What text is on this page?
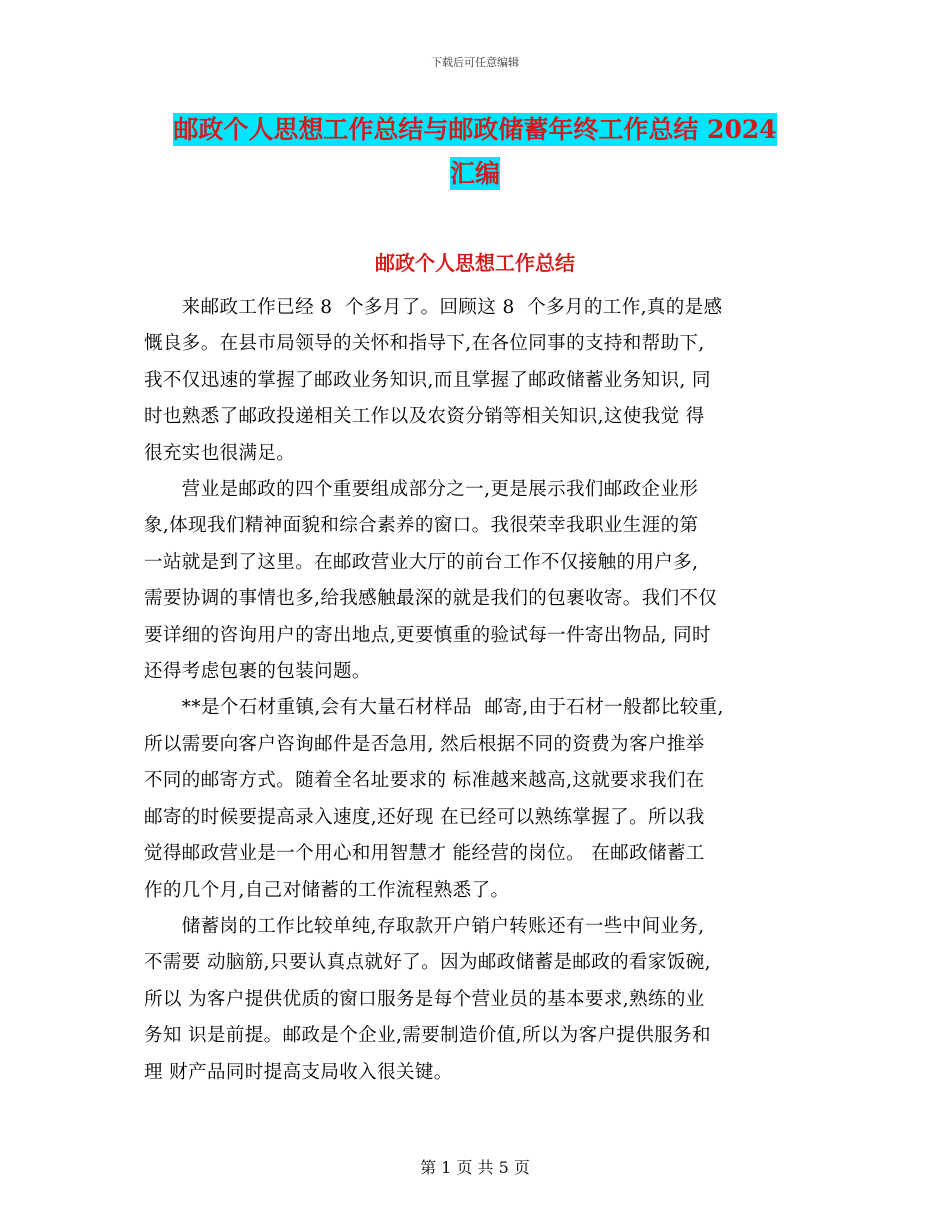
下载后可任意编辑
邮政个人思想工作总结与邮政储蓄年终工作总结 2024
汇编
邮政个人思想工作总结

来邮政工作已经 8  个多月了。回顾这 8  个多月的工作,真的是感

慨良多。在县市局领导的关怀和指导下,在各位同事的支持和帮助下,

我不仅迅速的掌握了邮政业务知识,而且掌握了邮政储蓄业务知识, 同

时也熟悉了邮政投递相关工作以及农资分销等相关知识,这使我觉 得

很充实也很满足。

营业是邮政的四个重要组成部分之一,更是展示我们邮政企业形

象,体现我们精神面貌和综合素养的窗口。我很荣幸我职业生涯的第

一站就是到了这里。在邮政营业大厅的前台工作不仅接触的用户多,

需要协调的事情也多,给我感触最深的就是我们的包裹收寄。我们不仅

要详细的咨询用户的寄出地点,更要慎重的验试每一件寄出物品, 同时

还得考虑包裹的包装问题。

**是个石材重镇,会有大量石材样品  邮寄,由于石材一般都比较重,

所以需要向客户咨询邮件是否急用, 然后根据不同的资费为客户推举

不同的邮寄方式。随着全名址要求的 标准越来越高,这就要求我们在

邮寄的时候要提高录入速度,还好现 在已经可以熟练掌握了。所以我

觉得邮政营业是一个用心和用智慧才 能经营的岗位。 在邮政储蓄工

作的几个月,自己对储蓄的工作流程熟悉了。

储蓄岗的工作比较单纯,存取款开户销户转账还有一些中间业务,

不需要 动脑筋,只要认真点就好了。因为邮政储蓄是邮政的看家饭碗,

所以 为客户提供优质的窗口服务是每个营业员的基本要求,熟练的业

务知 识是前提。邮政是个企业,需要制造价值,所以为客户提供服务和

理 财产品同时提高支局收入很关键。

第 1 页 共 5 页
